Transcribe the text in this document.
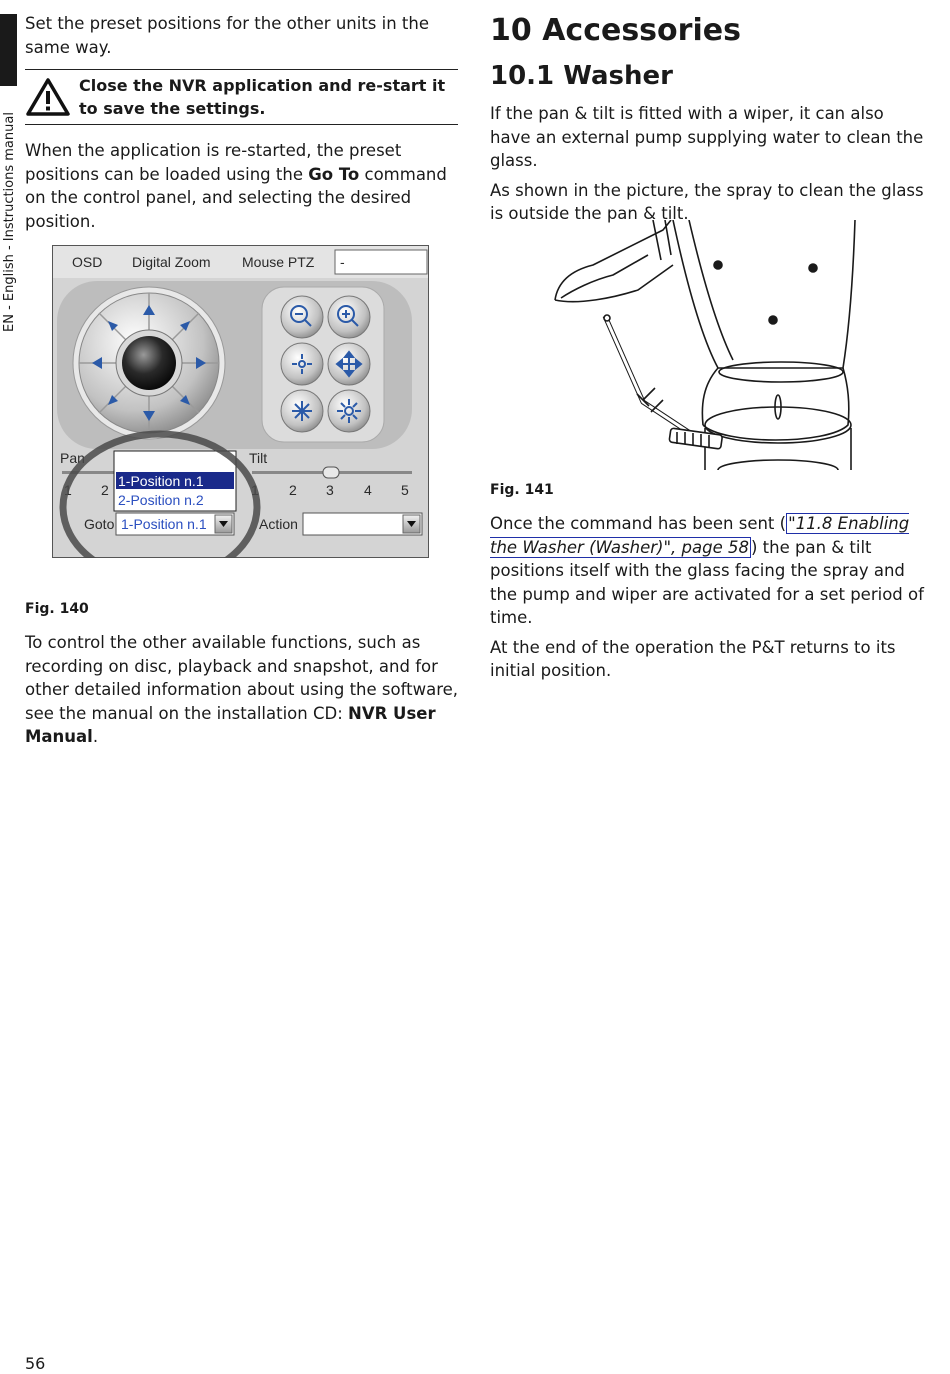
EN - English - Instructions manual

Set the preset positions for the other units in the same way.

Close the NVR application and re-start it to save the settings.

When the application is re-started, the preset positions can be loaded using the Go To command on the control panel, and selecting the desired position.

OSD Digital Zoom Mouse PTZ -
Pan	Tilt
1 2	1 2 3 4 5
1-Position n.1
2-Position n.2
Goto 1-Position n.1	Action
Fig. 140

To control the other available functions, such as recording on disc, playback and snapshot, and for other detailed information about using the software, see the manual on the installation CD: NVR User Manual.

10 Accessories
10.1 Washer

If the pan & tilt is fitted with a wiper, it can also have an external pump supplying water to clean the glass.

As shown in the picture, the spray to clean the glass is outside the pan & tilt.

Fig. 141

Once the command has been sent ( "11.8 Enabling the Washer (Washer)", page 58 ) the pan & tilt positions itself with the glass facing the spray and the pump and wiper are activated for a set period of time.

At the end of the operation the P&T returns to its initial position.

56
